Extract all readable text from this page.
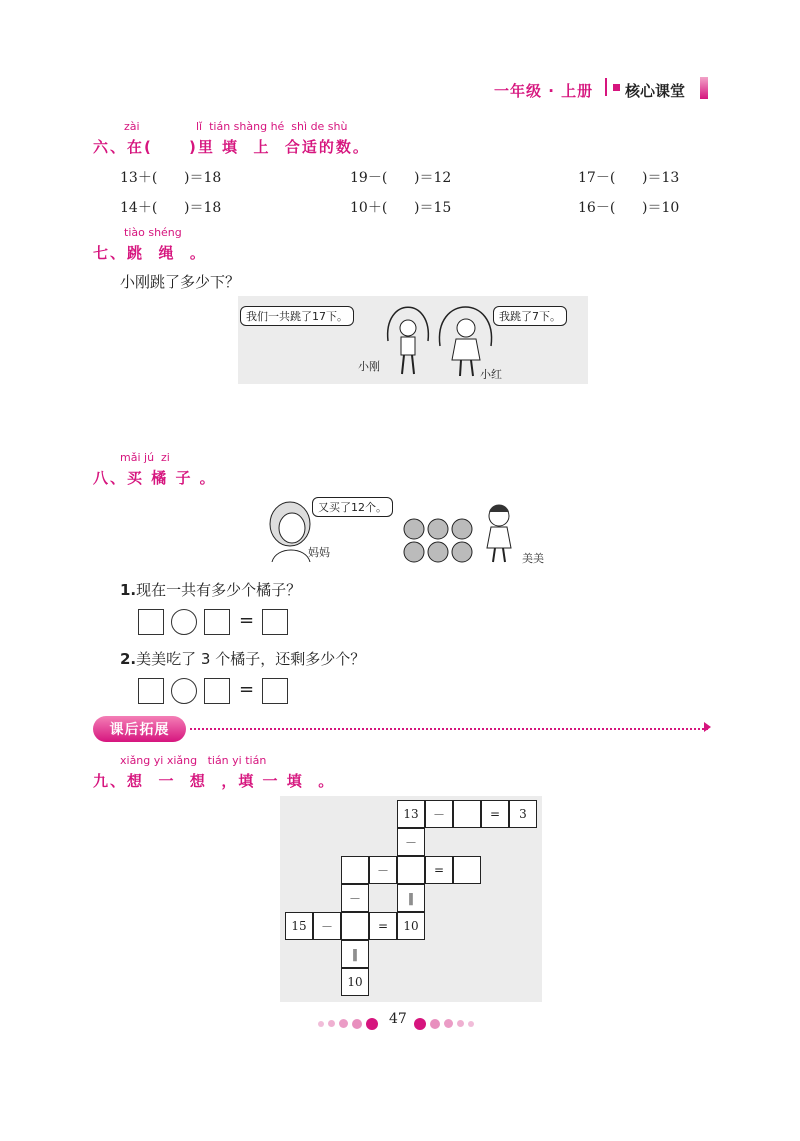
一年级 · 上册 核心课堂
zài	lǐ  tián shàng hé  shì de shù
六、在(     )里 填  上  合适的数。
13＋(      )＝18	19－(      )＝12	17－(      )＝13
14＋(      )＝18	10＋(      )＝15	16－(      )＝10
tiào shéng
七、跳  绳  。
小刚跳了多少下？
我们一共跳了17下。	我跳了7下。
小刚
小红
mǎi jú  zi
八、买 橘 子 。
又买了12个。
妈妈	美美
1.现在一共有多少个橘子？
=
2.美美吃了 3 个橘子，还剩多少个？
=
课后拓展
xiǎng yi xiǎng   tián yi tián
九、想  一  想  ，填 一 填  。
13	－	=	3
－
－	=
－	‖
15	－	=	10
‖
10
47
